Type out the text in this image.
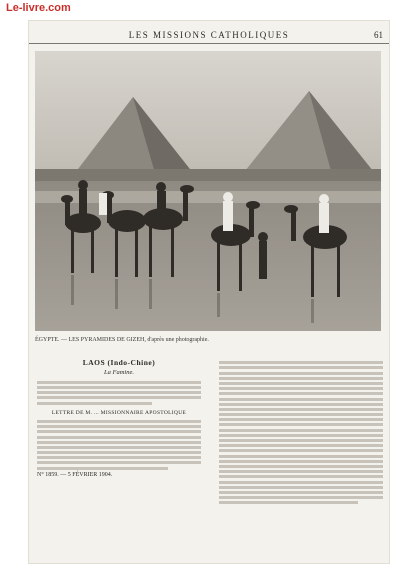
Le-livre.com
LES MISSIONS CATHOLIQUES	61
ÉGYPTE. — LES PYRAMIDES DE GIZEH, d'après une photographie.
LAOS (Indo-Chine)
La Famine.
LETTRE DE M. ... MISSIONNAIRE APOSTOLIQUE
N° 1859. — 5 FÉVRIER 1904.
